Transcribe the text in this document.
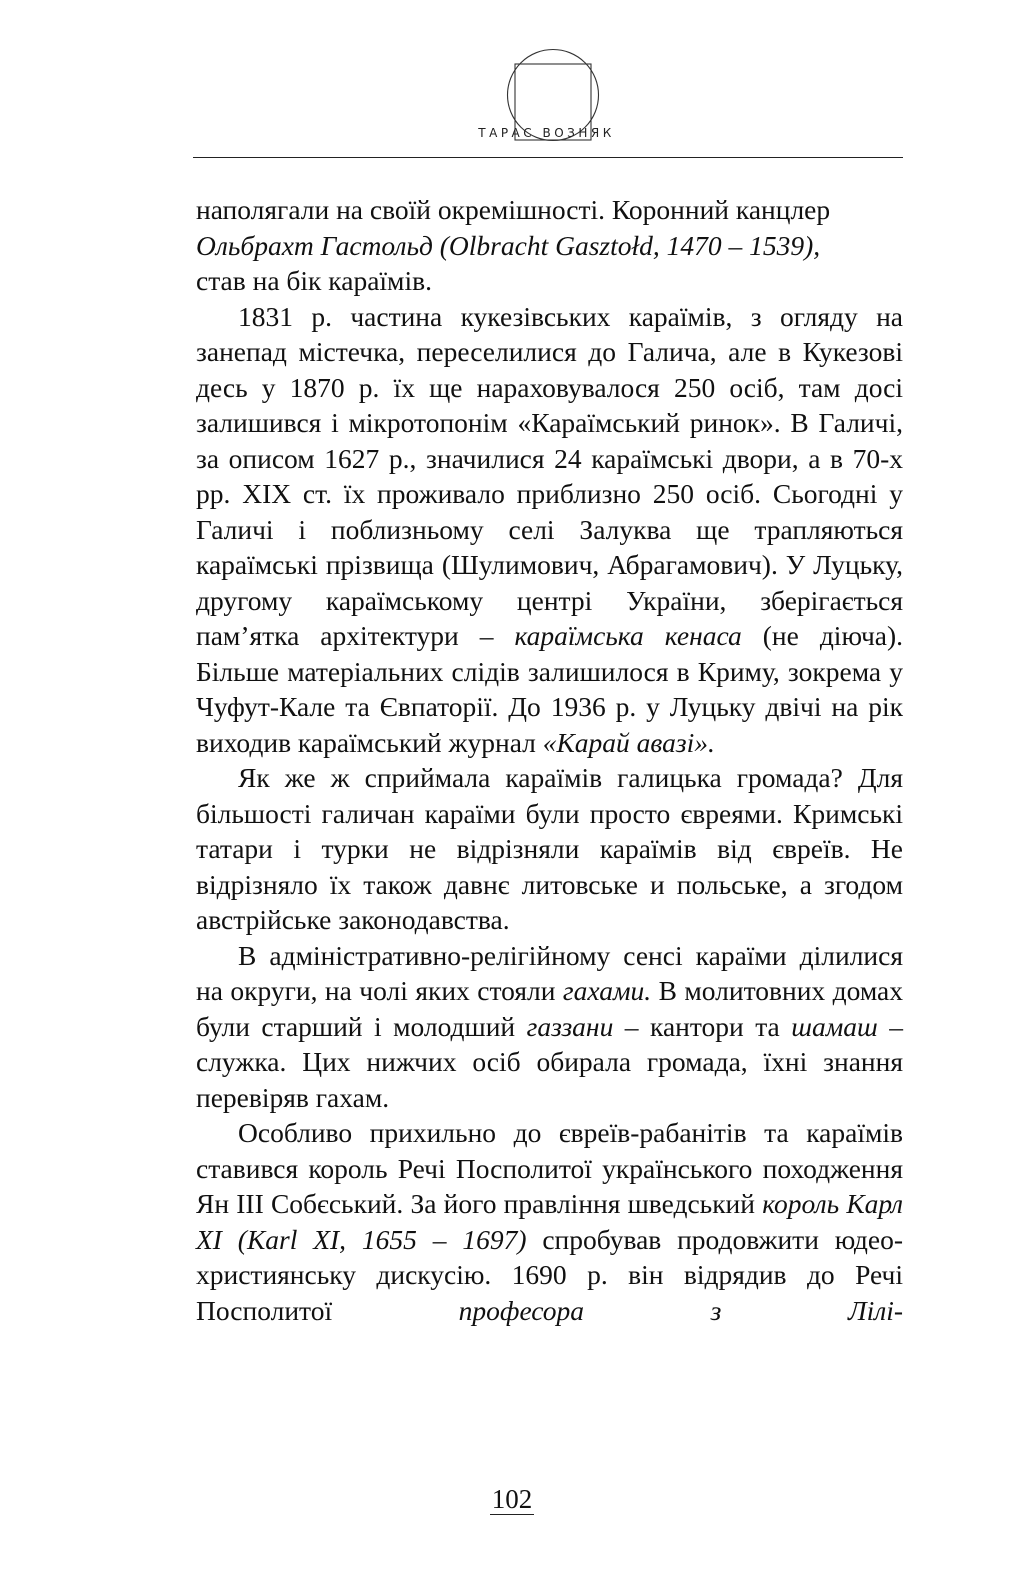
ТАРАС ВОЗНЯК

наполягали на своїй окремішності. Коронний канцлер
Ольбрахт Гастольд (Olbracht Gasztołd, 1470 – 1539),
став на бік караїмів.

1831 р. частина кукезівських караїмів, з огляду на занепад містечка, переселилися до Галича, але в Кукезові десь у 1870 р. їх ще нараховувалося 250 осіб, там досі залишився і мікротопонім «Караїмський ринок». В Галичі, за описом 1627 р., значилися 24 караїмські двори, а в 70-х рр. XIX ст. їх проживало приблизно 250 осіб. Сьогодні у Галичі і поблизньому селі Залуква ще трапляються караїмські прізвища (Шулимович, Абрагамович). У Луцьку, другому караїмському центрі України, зберігається пам’ятка архітектури – караїмська кенаса (не діюча). Більше матеріальних слідів залишилося в Криму, зокрема у Чуфут-Кале та Євпаторії. До 1936 р. у Луцьку двічі на рік виходив караїмський журнал «Карай авазі».

Як же ж сприймала караїмів галицька громада? Для більшості галичан караїми були просто євреями. Кримські татари і турки не відрізняли караїмів від євреїв. Не відрізняло їх також давнє литовське и польське, а згодом австрійське законодавства.

В адміністративно-релігійному сенсі караїми ділилися на округи, на чолі яких стояли гахами. В молитовних домах були старший і молодший газзани – кантори та шамаш – служка. Цих нижчих осіб обирала громада, їхні знання перевіряв гахам.

Особливо прихильно до євреїв-рабанітів та караїмів ставився король Речі Посполитої українського походження Ян ІІІ Собєський. За його правління шведський король Карл XI (Karl XI, 1655 – 1697) спробував продовжити юдео-християнську дискусію. 1690 р. він відрядив до Речі Посполитої	професора з Лілі-

102
